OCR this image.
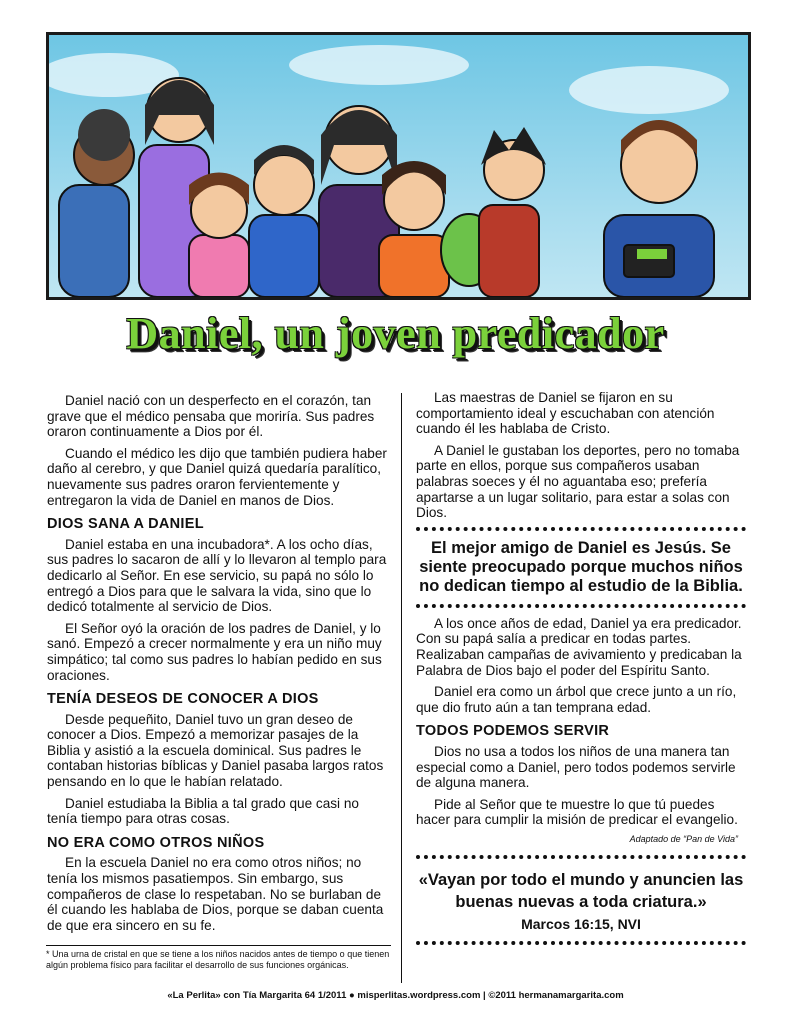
Daniel, un joven predicador

Daniel nació con un desperfecto en el corazón, tan grave que el médico pensaba que moriría. Sus padres oraron continuamente a Dios por él.

Cuando el médico les dijo que también pudiera haber daño al cerebro, y que Daniel quizá quedaría paralítico, nuevamente sus padres oraron fervientemente y entregaron la vida de Daniel en manos de Dios.

DIOS SANA A DANIEL

Daniel estaba en una incubadora*. A los ocho días, sus padres lo sacaron de allí y lo llevaron al templo para dedicarlo al Señor. En ese servicio, su papá no sólo lo entregó a Dios para que le salvara la vida, sino que lo dedicó totalmente al servicio de Dios.

El Señor oyó la oración de los padres de Daniel, y lo sanó. Empezó a crecer normalmente y era un niño muy simpático; tal como sus padres lo habían pedido en sus oraciones.

TENÍA DESEOS DE CONOCER A DIOS

Desde pequeñito, Daniel tuvo un gran deseo de conocer a Dios. Empezó a memorizar pasajes de la Biblia y asistió a la escuela dominical. Sus padres le contaban historias bíblicas y Daniel pasaba largos ratos pensando en lo que le habían relatado.

Daniel estudiaba la Biblia a tal grado que casi no tenía tiempo para otras cosas.

NO ERA COMO OTROS NIÑOS

En la escuela Daniel no era como otros niños; no tenía los mismos pasatiempos. Sin embargo, sus compañeros de clase lo respetaban. No se burlaban de él cuando les hablaba de Dios, porque se daban cuenta de que era sincero en su fe.

* Una urna de cristal en que se tiene a los niños nacidos antes de tiempo o que tienen algún problema físico para facilitar el desarrollo de sus funciones orgánicas.

Las maestras de Daniel se fijaron en su comportamiento ideal y escuchaban con atención cuando él les hablaba de Cristo.

A Daniel le gustaban los deportes, pero no tomaba parte en ellos, porque sus compañeros usaban palabras soeces y él no aguantaba eso; prefería apartarse a un lugar solitario, para estar a solas con Dios.

El mejor amigo de Daniel es Jesús. Se siente preocupado porque muchos niños no dedican tiempo al estudio de la Biblia.

A los once años de edad, Daniel ya era predicador. Con su papá salía a predicar en todas partes. Realizaban campañas de avivamiento y predicaban la Palabra de Dios bajo el poder del Espíritu Santo.

Daniel era como un árbol que crece junto a un río, que dio fruto aún a tan temprana edad.

TODOS PODEMOS SERVIR

Dios no usa a todos los niños de una manera tan especial como a Daniel, pero todos podemos servirle de alguna manera.

Pide al Señor que te muestre lo que tú puedes hacer para cumplir la misión de predicar el evangelio.

Adaptado de “Pan de Vida”
«Vayan por todo el mundo y anuncien las buenas nuevas a toda criatura.»
Marcos 16:15, NVI
«La Perlita» con Tía Margarita 64 1/2011 ● misperlitas.wordpress.com | ©2011 hermanamargarita.com
